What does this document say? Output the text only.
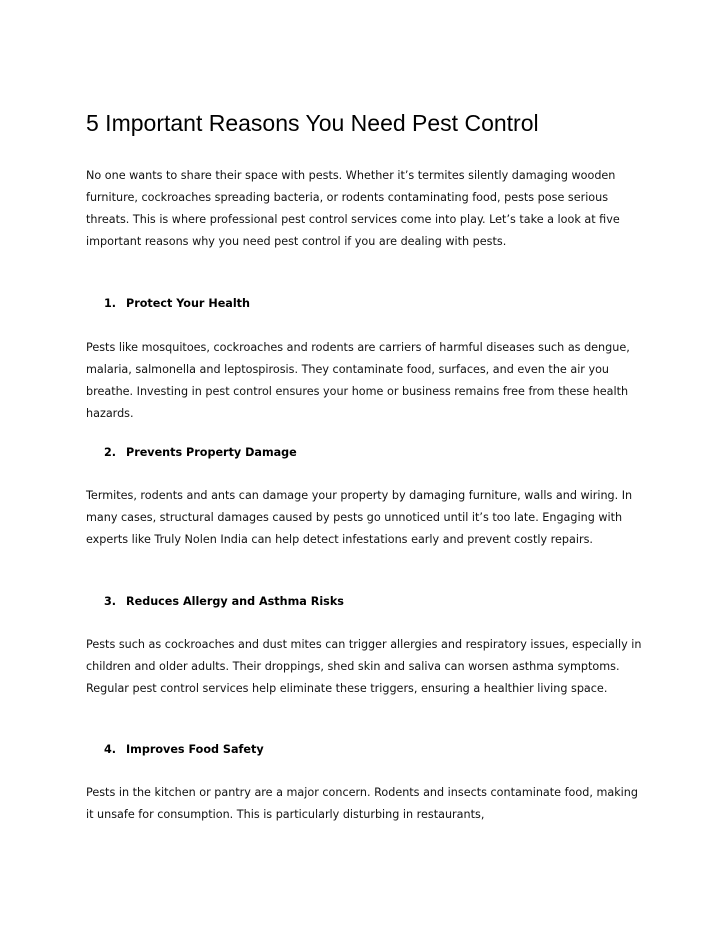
5 Important Reasons You Need Pest Control

No one wants to share their space with pests. Whether it’s termites silently damaging wooden furniture, cockroaches spreading bacteria, or rodents contaminating food, pests pose serious threats. This is where professional pest control services come into play. Let’s take a look at five important reasons why you need pest control if you are dealing with pests.

1. Protect Your Health

Pests like mosquitoes, cockroaches and rodents are carriers of harmful diseases such as dengue, malaria, salmonella and leptospirosis. They contaminate food, surfaces, and even the air you breathe. Investing in pest control ensures your home or business remains free from these health hazards.

2. Prevents Property Damage

Termites, rodents and ants can damage your property by damaging furniture, walls and wiring. In many cases, structural damages caused by pests go unnoticed until it’s too late. Engaging with experts like Truly Nolen India can help detect infestations early and prevent costly repairs.

3. Reduces Allergy and Asthma Risks

Pests such as cockroaches and dust mites can trigger allergies and respiratory issues, especially in children and older adults. Their droppings, shed skin and saliva can worsen asthma symptoms. Regular pest control services help eliminate these triggers, ensuring a healthier living space.

4. Improves Food Safety

Pests in the kitchen or pantry are a major concern. Rodents and insects contaminate food, making it unsafe for consumption. This is particularly disturbing in restaurants,
